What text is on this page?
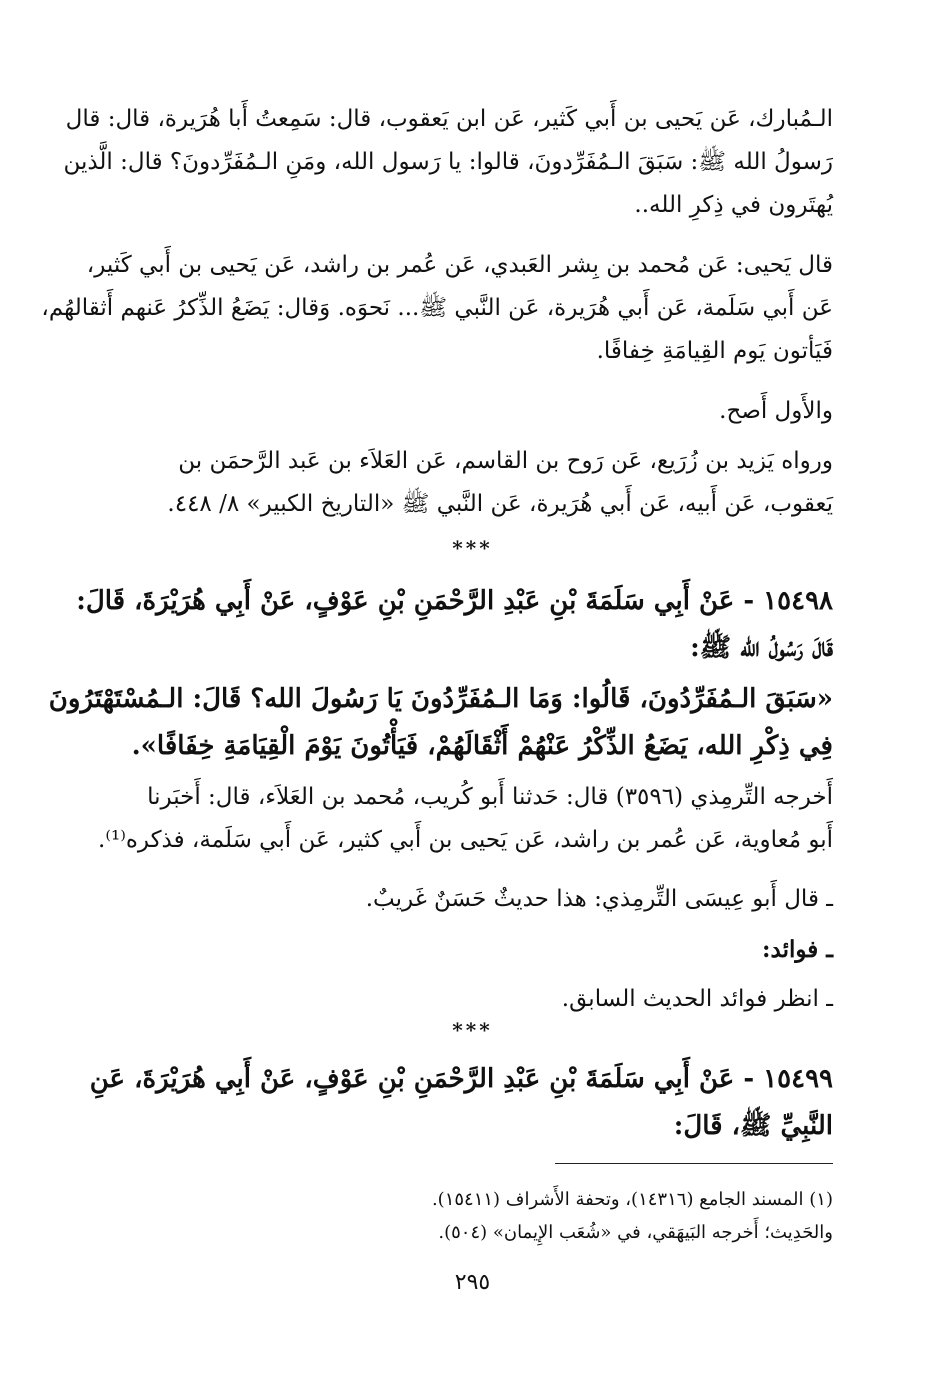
الـمُبارك، عَن يَحيى بن أَبي كَثير، عَن ابن يَعقوب، قال: سَمِعتُ أَبا هُرَيرة، قال: قال
رَسولُ الله ﷺ: سَبَقَ الـمُفَرِّدونَ، قالوا: يا رَسول الله، ومَنِ الـمُفَرِّدونَ؟ قال: الَّذين
يُهتَرون في ذِكرِ الله..
قال يَحيى: عَن مُحمد بن بِشر العَبدي، عَن عُمر بن راشد، عَن يَحيى بن أَبي كَثير،
عَن أَبي سَلَمة، عَن أَبي هُرَيرة، عَن النَّبي ﷺ... نَحوَه. وَقال: يَضَعُ الذِّكرُ عَنهم أَثقالهُم،
فَيَأتون يَوم القِيامَةِ خِفافًا.
والأَول أَصح.
ورواه يَزيد بن زُرَيع، عَن رَوح بن القاسم، عَن العَلاَء بن عَبد الرَّحمَن بن
يَعقوب، عَن أَبيه، عَن أَبي هُرَيرة، عَن النَّبي ﷺ «التاريخ الكبير» ٨/ ٤٤٨.
***
١٥٤٩٨ - عَنْ أَبِي سَلَمَةَ بْنِ عَبْدِ الرَّحْمَنِ بْنِ عَوْفٍ، عَنْ أَبِي هُرَيْرَةَ، قَالَ:
قَالَ رَسُولُ الله ﷺ:
«سَبَقَ الـمُفَرِّدُونَ، قَالُوا: وَمَا الـمُفَرِّدُونَ يَا رَسُولَ الله؟ قَالَ: الـمُسْتَهْتَرُونَ
فِي ذِكْرِ الله، يَضَعُ الذِّكْرُ عَنْهُمْ أَثْقَالَهُمْ، فَيَأْتُونَ يَوْمَ الْقِيَامَةِ خِفَافًا».
أَخرجه التِّرمِذي (٣٥٩٦) قال: حَدثنا أَبو كُريب، مُحمد بن العَلاَء، قال: أَخبَرنا
أَبو مُعاوية، عَن عُمر بن راشد، عَن يَحيى بن أَبي كثير، عَن أَبي سَلَمة، فذكره⁽¹⁾.
ـ قال أَبو عِيسَى التِّرمِذي: هذا حديثٌ حَسَنٌ غَريبٌ.
ـ فوائد:
ـ انظر فوائد الحديث السابق.
***
١٥٤٩٩ - عَنْ أَبِي سَلَمَةَ بْنِ عَبْدِ الرَّحْمَنِ بْنِ عَوْفٍ، عَنْ أَبِي هُرَيْرَةَ، عَنِ
النَّبِيِّ ﷺ، قَالَ:
(١) المسند الجامع (١٤٣١٦)، وتحفة الأَشراف (١٥٤١١).
والحَدِيث؛ أَخرجه البَيهَقي، في «شُعَب الإِيمان» (٥٠٤).
٢٩٥
